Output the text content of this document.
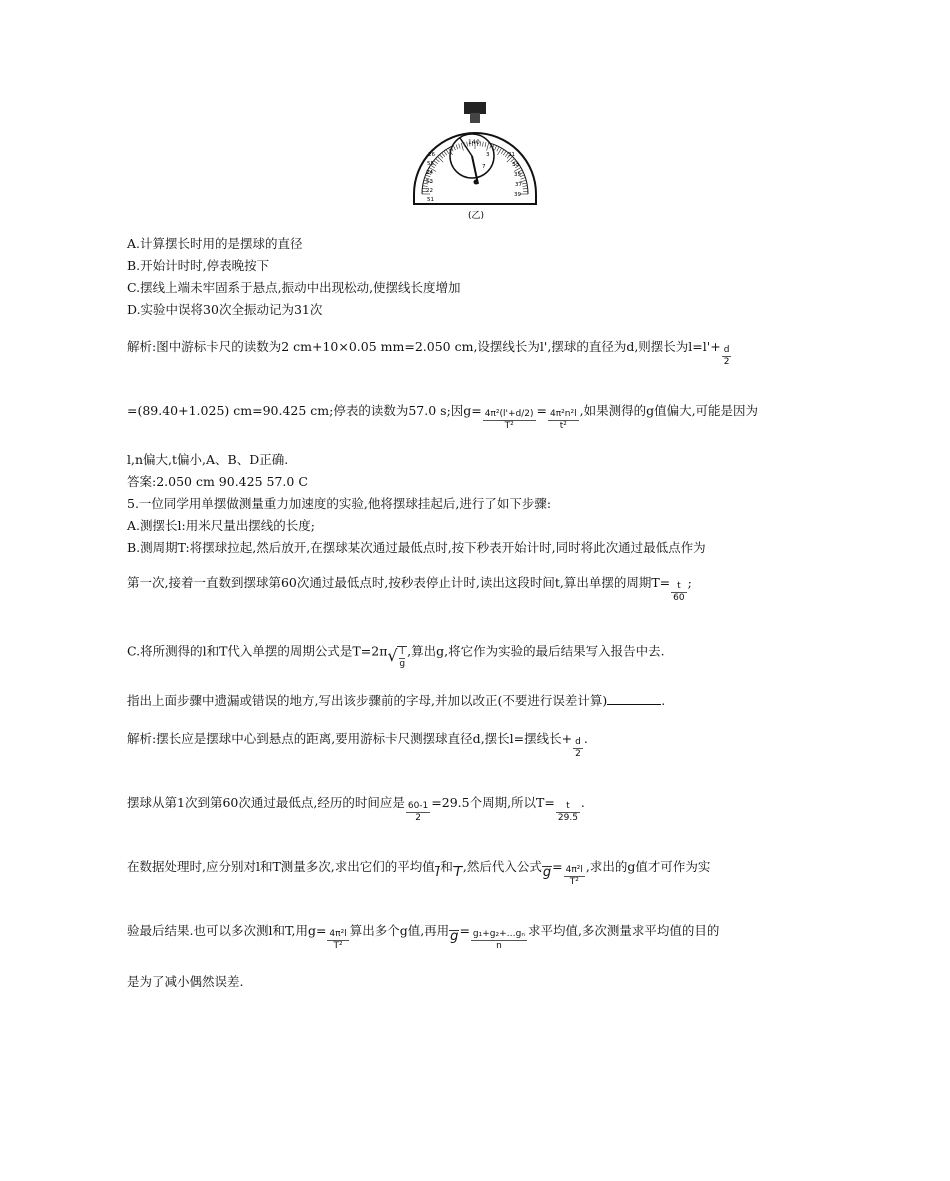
14 0
26
55
24
53
22
51
31
33
35
37
39
3
7
(乙)
A.计算摆长时用的是摆球的直径
B.开始计时时,停表晚按下
C.摆线上端未牢固系于悬点,振动中出现松动,使摆线长度增加
D.实验中误将30次全振动记为31次
解析:图中游标卡尺的读数为2 cm+10×0.05 mm=2.050 cm,设摆线长为l',摆球的直径为d,则摆长为$l=l'+ \frac{d}{2}$
=(89.40+1.025) cm=90.425 cm;停表的读数为57.0 s;因$g= \frac{\text{4π²(l'+d/2)}}{\text{T²}} = \frac{\text{4π²n²l}}{\text{t²}}$ ,如果测得的g值偏大,可能是因为
l,n偏大,t偏小,A、B、D正确.
答案:2.050 cm 90.425 57.0 C
5.一位同学用单摆做测量重力加速度的实验,他将摆球挂起后,进行了如下步骤:
A.测摆长l:用米尺量出摆线的长度;
B.测周期T:将摆球拉起,然后放开,在摆球某次通过最低点时,按下秒表开始计时,同时将此次通过最低点作为
第一次,接着一直数到摆球第60次通过最低点时,按秒表停止计时,读出这段时间t,算出单摆的周期$T= \frac{t}{60}$ ;
C.将所测得的l和T代入单摆的周期公式是T=2π √ $\frac{l}{g}$ ,算出g,将它作为实验的最后结果写入报告中去.
指出上面步骤中遗漏或错误的地方,写出该步骤前的字母,并加以改正(不要进行误差计算)	.
解析:摆长应是摆球中心到悬点的距离,要用游标卡尺测摆球直径d,摆长l=摆线长+ $\frac{d}{2}$ .
摆球从第1次到第60次通过最低点,经历的时间应是 $\frac{60-1}{2} =29.5$个周期,所以$T= \frac{t}{29.5}$ .
在数据处理时,应分别对l和T测量多次,求出它们的平均值l和T,然后代入公式$g= \frac{\text{4π²l}}{\text{T²}}$ ,求出的g值才可作为实
验最后结果.也可以多次测l和T,用$g= \frac{\text{4π²l}}{\text{T²}}$ 算出多个g值,再用$g= \frac{\text{g₁+g₂+…gₙ}}{n}$ 求平均值,多次测量求平均值的目的
是为了减小偶然误差.
